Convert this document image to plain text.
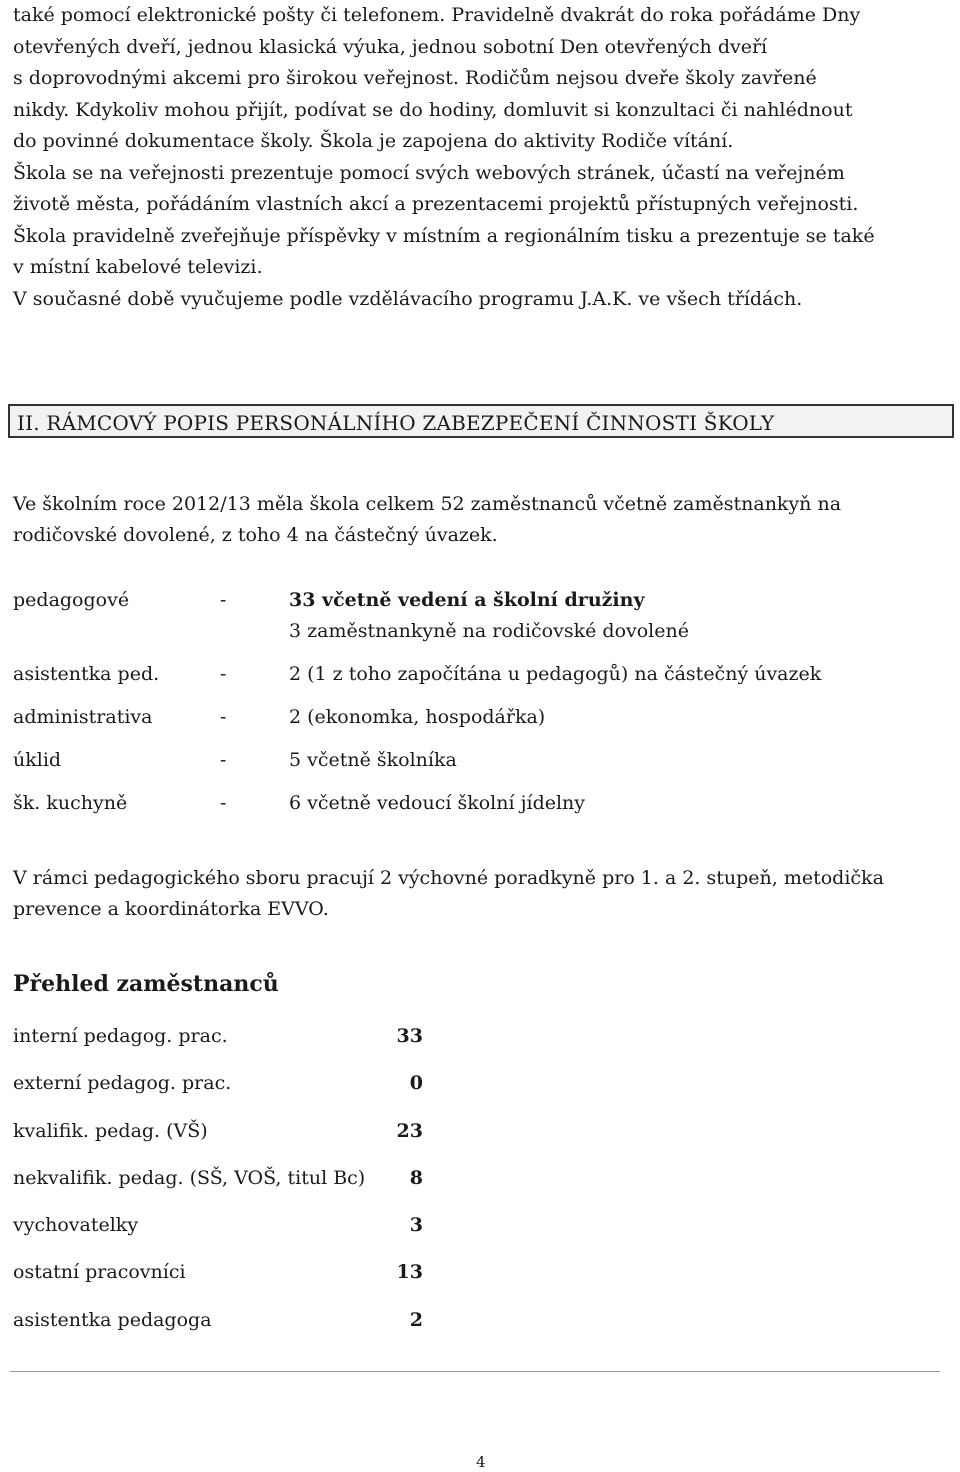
také pomocí elektronické pošty či telefonem. Pravidelně dvakrát do roka pořádáme Dny

otevřených dveří, jednou klasická výuka, jednou sobotní Den otevřených dveří

s doprovodnými akcemi pro širokou veřejnost. Rodičům nejsou dveře školy zavřené

nikdy. Kdykoliv mohou přijít, podívat se do hodiny, domluvit si konzultaci či nahlédnout

do povinné dokumentace školy. Škola je zapojena do aktivity Rodiče vítání.

Škola se na veřejnosti prezentuje pomocí svých webových stránek, účastí na veřejném

životě města, pořádáním vlastních akcí a prezentacemi projektů přístupných veřejnosti.

Škola pravidelně zveřejňuje příspěvky v místním a regionálním tisku a prezentuje se také

v místní kabelové televizi.

V současné době vyučujeme podle vzdělávacího programu J.A.K. ve všech třídách.

II. RÁMCOVÝ POPIS PERSONÁLNÍHO ZABEZPEČENÍ ČINNOSTI ŠKOLY
Ve školním roce 2012/13 měla škola celkem 52 zaměstnanců včetně zaměstnankyň na
rodičovské dovolené, z toho 4 na částečný úvazek.
pedagogové	-	33 včetně vedení a školní družiny
3 zaměstnankyně na rodičovské dovolené
asistentka ped.	-	2 (1 z toho započítána u pedagogů) na částečný úvazek
administrativa	-	2 (ekonomka, hospodářka)
úklid	-	5 včetně školníka
šk. kuchyně	-	6 včetně vedoucí školní jídelny
V rámci pedagogického sboru pracují 2 výchovné poradkyně pro 1. a 2. stupeň, metodička
prevence a koordinátorka EVVO.
Přehled zaměstnanců
interní pedagog. prac.	33
externí pedagog. prac.	0
kvalifik. pedag. (VŠ)	23
nekvalifik. pedag. (SŠ, VOŠ, titul Bc) 8
vychovatelky	3
ostatní pracovníci	13
asistentka pedagoga	2
4
